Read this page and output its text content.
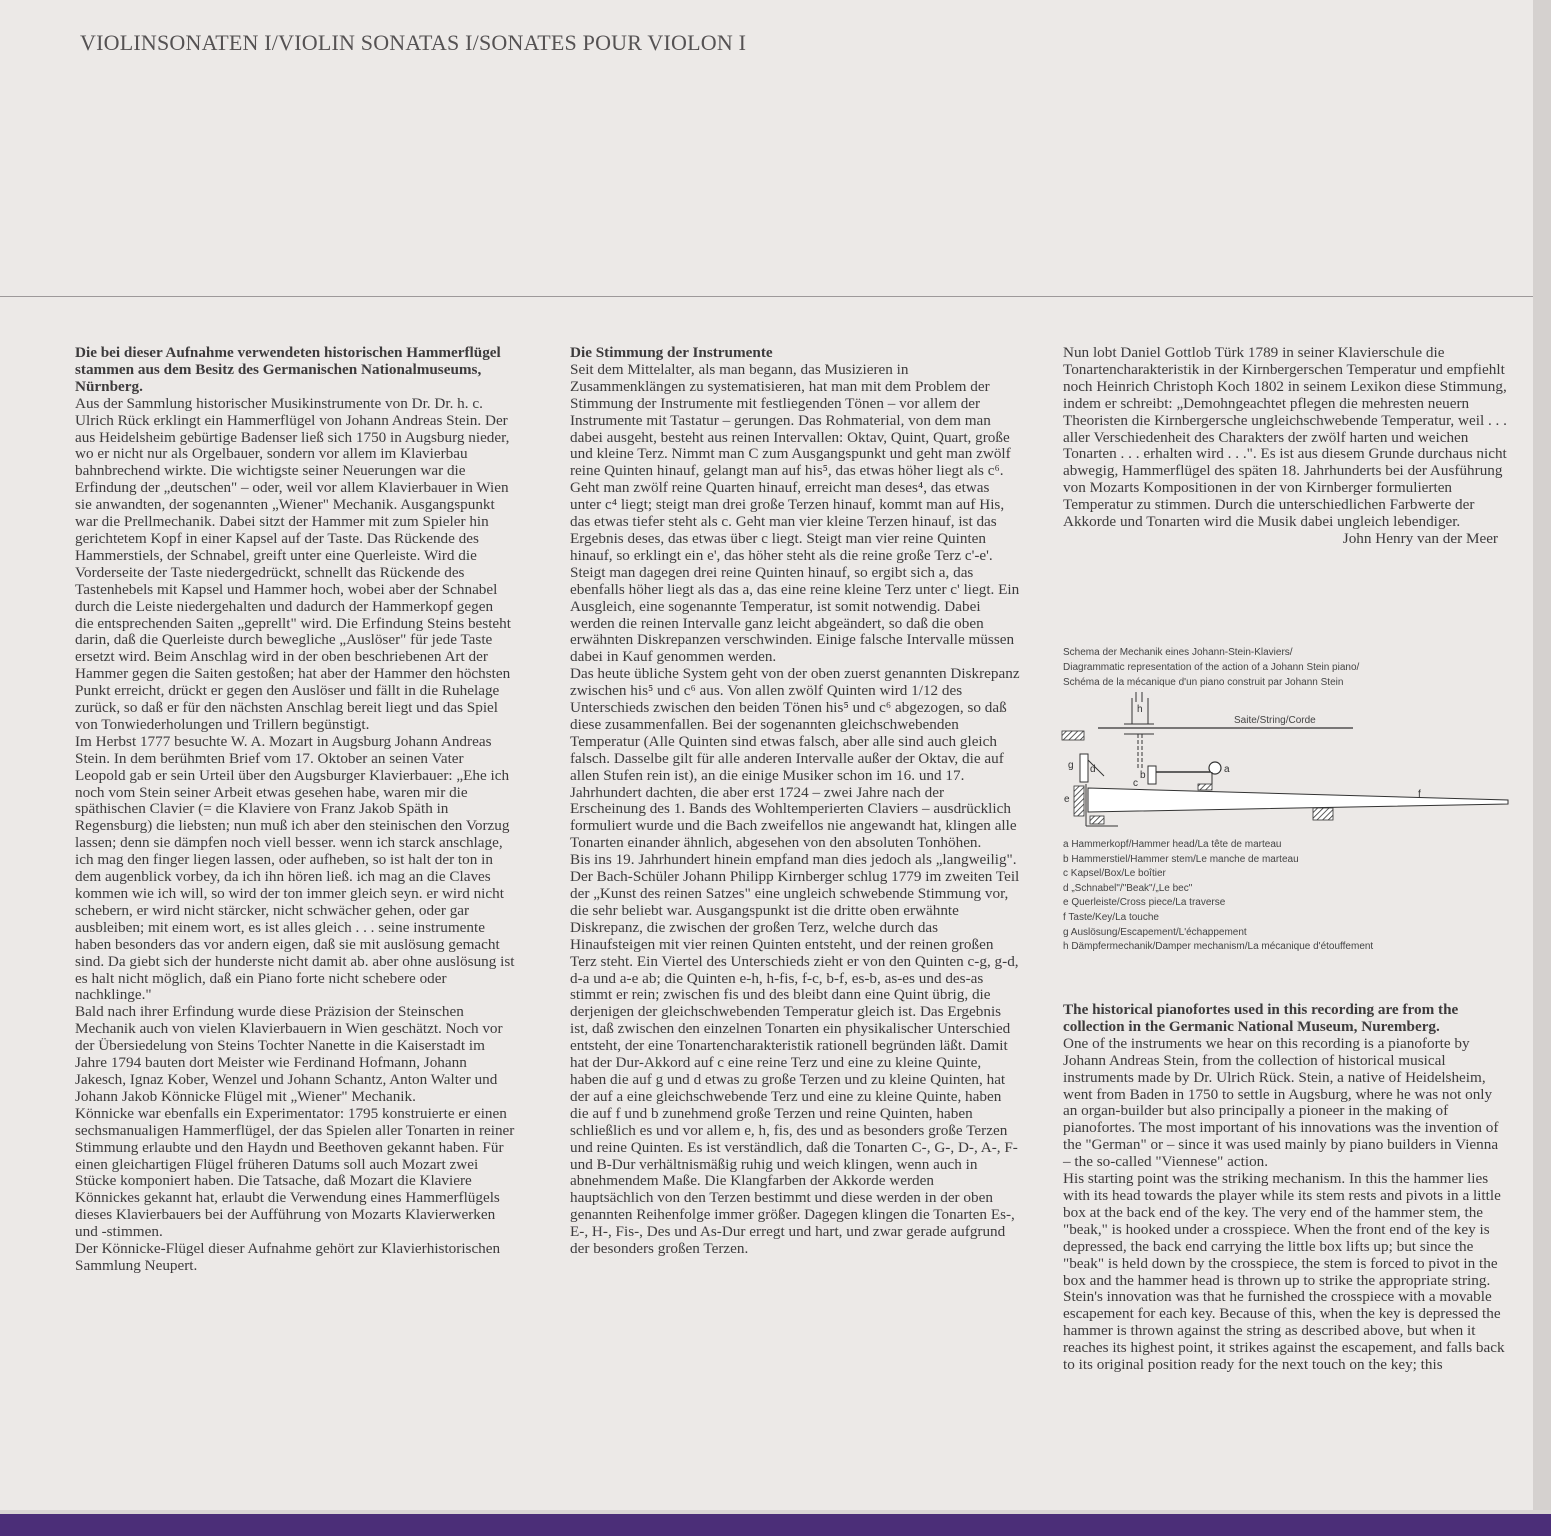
VIOLINSONATEN I/VIOLIN SONATAS I/SONATES POUR VIOLON I

Die bei dieser Aufnahme verwendeten historischen Hammerflügel stammen aus dem Besitz des Germanischen Nationalmuseums, Nürnberg.

Aus der Sammlung historischer Musikinstrumente von Dr. Dr. h. c. Ulrich Rück erklingt ein Hammerflügel von Johann Andreas Stein. Der aus Heidelsheim gebürtige Badenser ließ sich 1750 in Augsburg nieder, wo er nicht nur als Orgelbauer, sondern vor allem im Klavierbau bahnbrechend wirkte. Die wichtigste seiner Neuerungen war die Erfindung der „deutschen" – oder, weil vor allem Klavierbauer in Wien sie anwandten, der sogenannten „Wiener" Mechanik. Ausgangspunkt war die Prellmechanik. Dabei sitzt der Hammer mit zum Spieler hin gerichtetem Kopf in einer Kapsel auf der Taste. Das Rückende des Hammerstiels, der Schnabel, greift unter eine Querleiste. Wird die Vorderseite der Taste niedergedrückt, schnellt das Rückende des Tastenhebels mit Kapsel und Hammer hoch, wobei aber der Schnabel durch die Leiste niedergehalten und dadurch der Hammerkopf gegen die entsprechenden Saiten „geprellt" wird. Die Erfindung Steins besteht darin, daß die Querleiste durch bewegliche „Auslöser" für jede Taste ersetzt wird. Beim Anschlag wird in der oben beschriebenen Art der Hammer gegen die Saiten gestoßen; hat aber der Hammer den höchsten Punkt erreicht, drückt er gegen den Auslöser und fällt in die Ruhelage zurück, so daß er für den nächsten Anschlag bereit liegt und das Spiel von Tonwiederholungen und Trillern begünstigt.

Im Herbst 1777 besuchte W. A. Mozart in Augsburg Johann Andreas Stein. In dem berühmten Brief vom 17. Oktober an seinen Vater Leopold gab er sein Urteil über den Augsburger Klavierbauer: „Ehe ich noch vom Stein seiner Arbeit etwas gesehen habe, waren mir die späthischen Clavier (= die Klaviere von Franz Jakob Späth in Regensburg) die liebsten; nun muß ich aber den steinischen den Vorzug lassen; denn sie dämpfen noch viell besser. wenn ich starck anschlage, ich mag den finger liegen lassen, oder aufheben, so ist halt der ton in dem augenblick vorbey, da ich ihn hören ließ. ich mag an die Claves kommen wie ich will, so wird der ton immer gleich seyn. er wird nicht schebern, er wird nicht stärcker, nicht schwächer gehen, oder gar ausbleiben; mit einem wort, es ist alles gleich . . . seine instrumente haben besonders das vor andern eigen, daß sie mit auslösung gemacht sind. Da giebt sich der hunderste nicht damit ab. aber ohne auslösung ist es halt nicht möglich, daß ein Piano forte nicht schebere oder nachklinge."

Bald nach ihrer Erfindung wurde diese Präzision der Steinschen Mechanik auch von vielen Klavierbauern in Wien geschätzt. Noch vor der Übersiedelung von Steins Tochter Nanette in die Kaiserstadt im Jahre 1794 bauten dort Meister wie Ferdinand Hofmann, Johann Jakesch, Ignaz Kober, Wenzel und Johann Schantz, Anton Walter und Johann Jakob Könnicke Flügel mit „Wiener" Mechanik.

Könnicke war ebenfalls ein Experimentator: 1795 konstruierte er einen sechsmanualigen Hammerflügel, der das Spielen aller Tonarten in reiner Stimmung erlaubte und den Haydn und Beethoven gekannt haben. Für einen gleichartigen Flügel früheren Datums soll auch Mozart zwei Stücke komponiert haben. Die Tatsache, daß Mozart die Klaviere Könnickes gekannt hat, erlaubt die Verwendung eines Hammerflügels dieses Klavierbauers bei der Aufführung von Mozarts Klavierwerken und -stimmen.

Der Könnicke-Flügel dieser Aufnahme gehört zur Klavierhistorischen Sammlung Neupert.

Die Stimmung der Instrumente

Seit dem Mittelalter, als man begann, das Musizieren in Zusammenklängen zu systematisieren, hat man mit dem Problem der Stimmung der Instrumente mit festliegenden Tönen – vor allem der Instrumente mit Tastatur – gerungen. Das Rohmaterial, von dem man dabei ausgeht, besteht aus reinen Intervallen: Oktav, Quint, Quart, große und kleine Terz. Nimmt man C zum Ausgangspunkt und geht man zwölf reine Quinten hinauf, gelangt man auf his⁵, das etwas höher liegt als c⁶. Geht man zwölf reine Quarten hinauf, erreicht man deses⁴, das etwas unter c⁴ liegt; steigt man drei große Terzen hinauf, kommt man auf His, das etwas tiefer steht als c. Geht man vier kleine Terzen hinauf, ist das Ergebnis deses, das etwas über c liegt. Steigt man vier reine Quinten hinauf, so erklingt ein e', das höher steht als die reine große Terz c'-e'. Steigt man dagegen drei reine Quinten hinauf, so ergibt sich a, das ebenfalls höher liegt als das a, das eine reine kleine Terz unter c' liegt. Ein Ausgleich, eine sogenannte Temperatur, ist somit notwendig. Dabei werden die reinen Intervalle ganz leicht abgeändert, so daß die oben erwähnten Diskrepanzen verschwinden. Einige falsche Intervalle müssen dabei in Kauf genommen werden.

Das heute übliche System geht von der oben zuerst genannten Diskrepanz zwischen his⁵ und c⁶ aus. Von allen zwölf Quinten wird 1/12 des Unterschieds zwischen den beiden Tönen his⁵ und c⁶ abgezogen, so daß diese zusammenfallen. Bei der sogenannten gleichschwebenden Temperatur (Alle Quinten sind etwas falsch, aber alle sind auch gleich falsch. Dasselbe gilt für alle anderen Intervalle außer der Oktav, die auf allen Stufen rein ist), an die einige Musiker schon im 16. und 17. Jahrhundert dachten, die aber erst 1724 – zwei Jahre nach der Erscheinung des 1. Bands des Wohltemperierten Claviers – ausdrücklich formuliert wurde und die Bach zweifellos nie angewandt hat, klingen alle Tonarten einander ähnlich, abgesehen von den absoluten Tonhöhen.

Bis ins 19. Jahrhundert hinein empfand man dies jedoch als „langweilig". Der Bach-Schüler Johann Philipp Kirnberger schlug 1779 im zweiten Teil der „Kunst des reinen Satzes" eine ungleich schwebende Stimmung vor, die sehr beliebt war. Ausgangspunkt ist die dritte oben erwähnte Diskrepanz, die zwischen der großen Terz, welche durch das Hinaufsteigen mit vier reinen Quinten entsteht, und der reinen großen Terz steht. Ein Viertel des Unterschieds zieht er von den Quinten c-g, g-d, d-a und a-e ab; die Quinten e-h, h-fis, f-c, b-f, es-b, as-es und des-as stimmt er rein; zwischen fis und des bleibt dann eine Quint übrig, die derjenigen der gleichschwebenden Temperatur gleich ist. Das Ergebnis ist, daß zwischen den einzelnen Tonarten ein physikalischer Unterschied entsteht, der eine Tonartencharakteristik rationell begründen läßt. Damit hat der Dur-Akkord auf c eine reine Terz und eine zu kleine Quinte, haben die auf g und d etwas zu große Terzen und zu kleine Quinten, hat der auf a eine gleichschwebende Terz und eine zu kleine Quinte, haben die auf f und b zunehmend große Terzen und reine Quinten, haben schließlich es und vor allem e, h, fis, des und as besonders große Terzen und reine Quinten. Es ist verständlich, daß die Tonarten C-, G-, D-, A-, F- und B-Dur verhältnismäßig ruhig und weich klingen, wenn auch in abnehmendem Maße. Die Klangfarben der Akkorde werden hauptsächlich von den Terzen bestimmt und diese werden in der oben genannten Reihenfolge immer größer. Dagegen klingen die Tonarten Es-, E-, H-, Fis-, Des und As-Dur erregt und hart, und zwar gerade aufgrund der besonders großen Terzen.

Nun lobt Daniel Gottlob Türk 1789 in seiner Klavierschule die Tonartencharakteristik in der Kirnbergerschen Temperatur und empfiehlt noch Heinrich Christoph Koch 1802 in seinem Lexikon diese Stimmung, indem er schreibt: „Demohngeachtet pflegen die mehresten neuern Theoristen die Kirnbergersche ungleichschwebende Temperatur, weil . . . aller Verschiedenheit des Charakters der zwölf harten und weichen Tonarten . . . erhalten wird . . .". Es ist aus diesem Grunde durchaus nicht abwegig, Hammerflügel des späten 18. Jahrhunderts bei der Ausführung von Mozarts Kompositionen in der von Kirnberger formulierten Temperatur zu stimmen. Durch die unterschiedlichen Farbwerte der Akkorde und Tonarten wird die Musik dabei ungleich lebendiger.

John Henry van der Meer

Schema der Mechanik eines Johann-Stein-Klaviers/
Diagrammatic representation of the action of a Johann Stein piano/
Schéma de la mécanique d'un piano construit par Johann Stein
Saite/String/Corde
h
a
b
c
g d
e	f
a Hammerkopf/Hammer head/La tête de marteau
b Hammerstiel/Hammer stem/Le manche de marteau
c Kapsel/Box/Le boîtier
d „Schnabel"/"Beak"/„Le bec"
e Querleiste/Cross piece/La traverse
f Taste/Key/La touche
g Auslösung/Escapement/L'échappement
h Dämpfermechanik/Damper mechanism/La mécanique d'étouffement

The historical pianofortes used in this recording are from the collection in the Germanic National Museum, Nuremberg.

One of the instruments we hear on this recording is a pianoforte by Johann Andreas Stein, from the collection of historical musical instruments made by Dr. Ulrich Rück. Stein, a native of Heidelsheim, went from Baden in 1750 to settle in Augsburg, where he was not only an organ-builder but also principally a pioneer in the making of pianofortes. The most important of his innovations was the invention of the "German" or – since it was used mainly by piano builders in Vienna – the so-called "Viennese" action.

His starting point was the striking mechanism. In this the hammer lies with its head towards the player while its stem rests and pivots in a little box at the back end of the key. The very end of the hammer stem, the "beak," is hooked under a crosspiece. When the front end of the key is depressed, the back end carrying the little box lifts up; but since the "beak" is held down by the crosspiece, the stem is forced to pivot in the box and the hammer head is thrown up to strike the appropriate string. Stein's innovation was that he furnished the crosspiece with a movable escapement for each key. Because of this, when the key is depressed the hammer is thrown against the string as described above, but when it reaches its highest point, it strikes against the escapement, and falls back to its original position ready for the next touch on the key; this
